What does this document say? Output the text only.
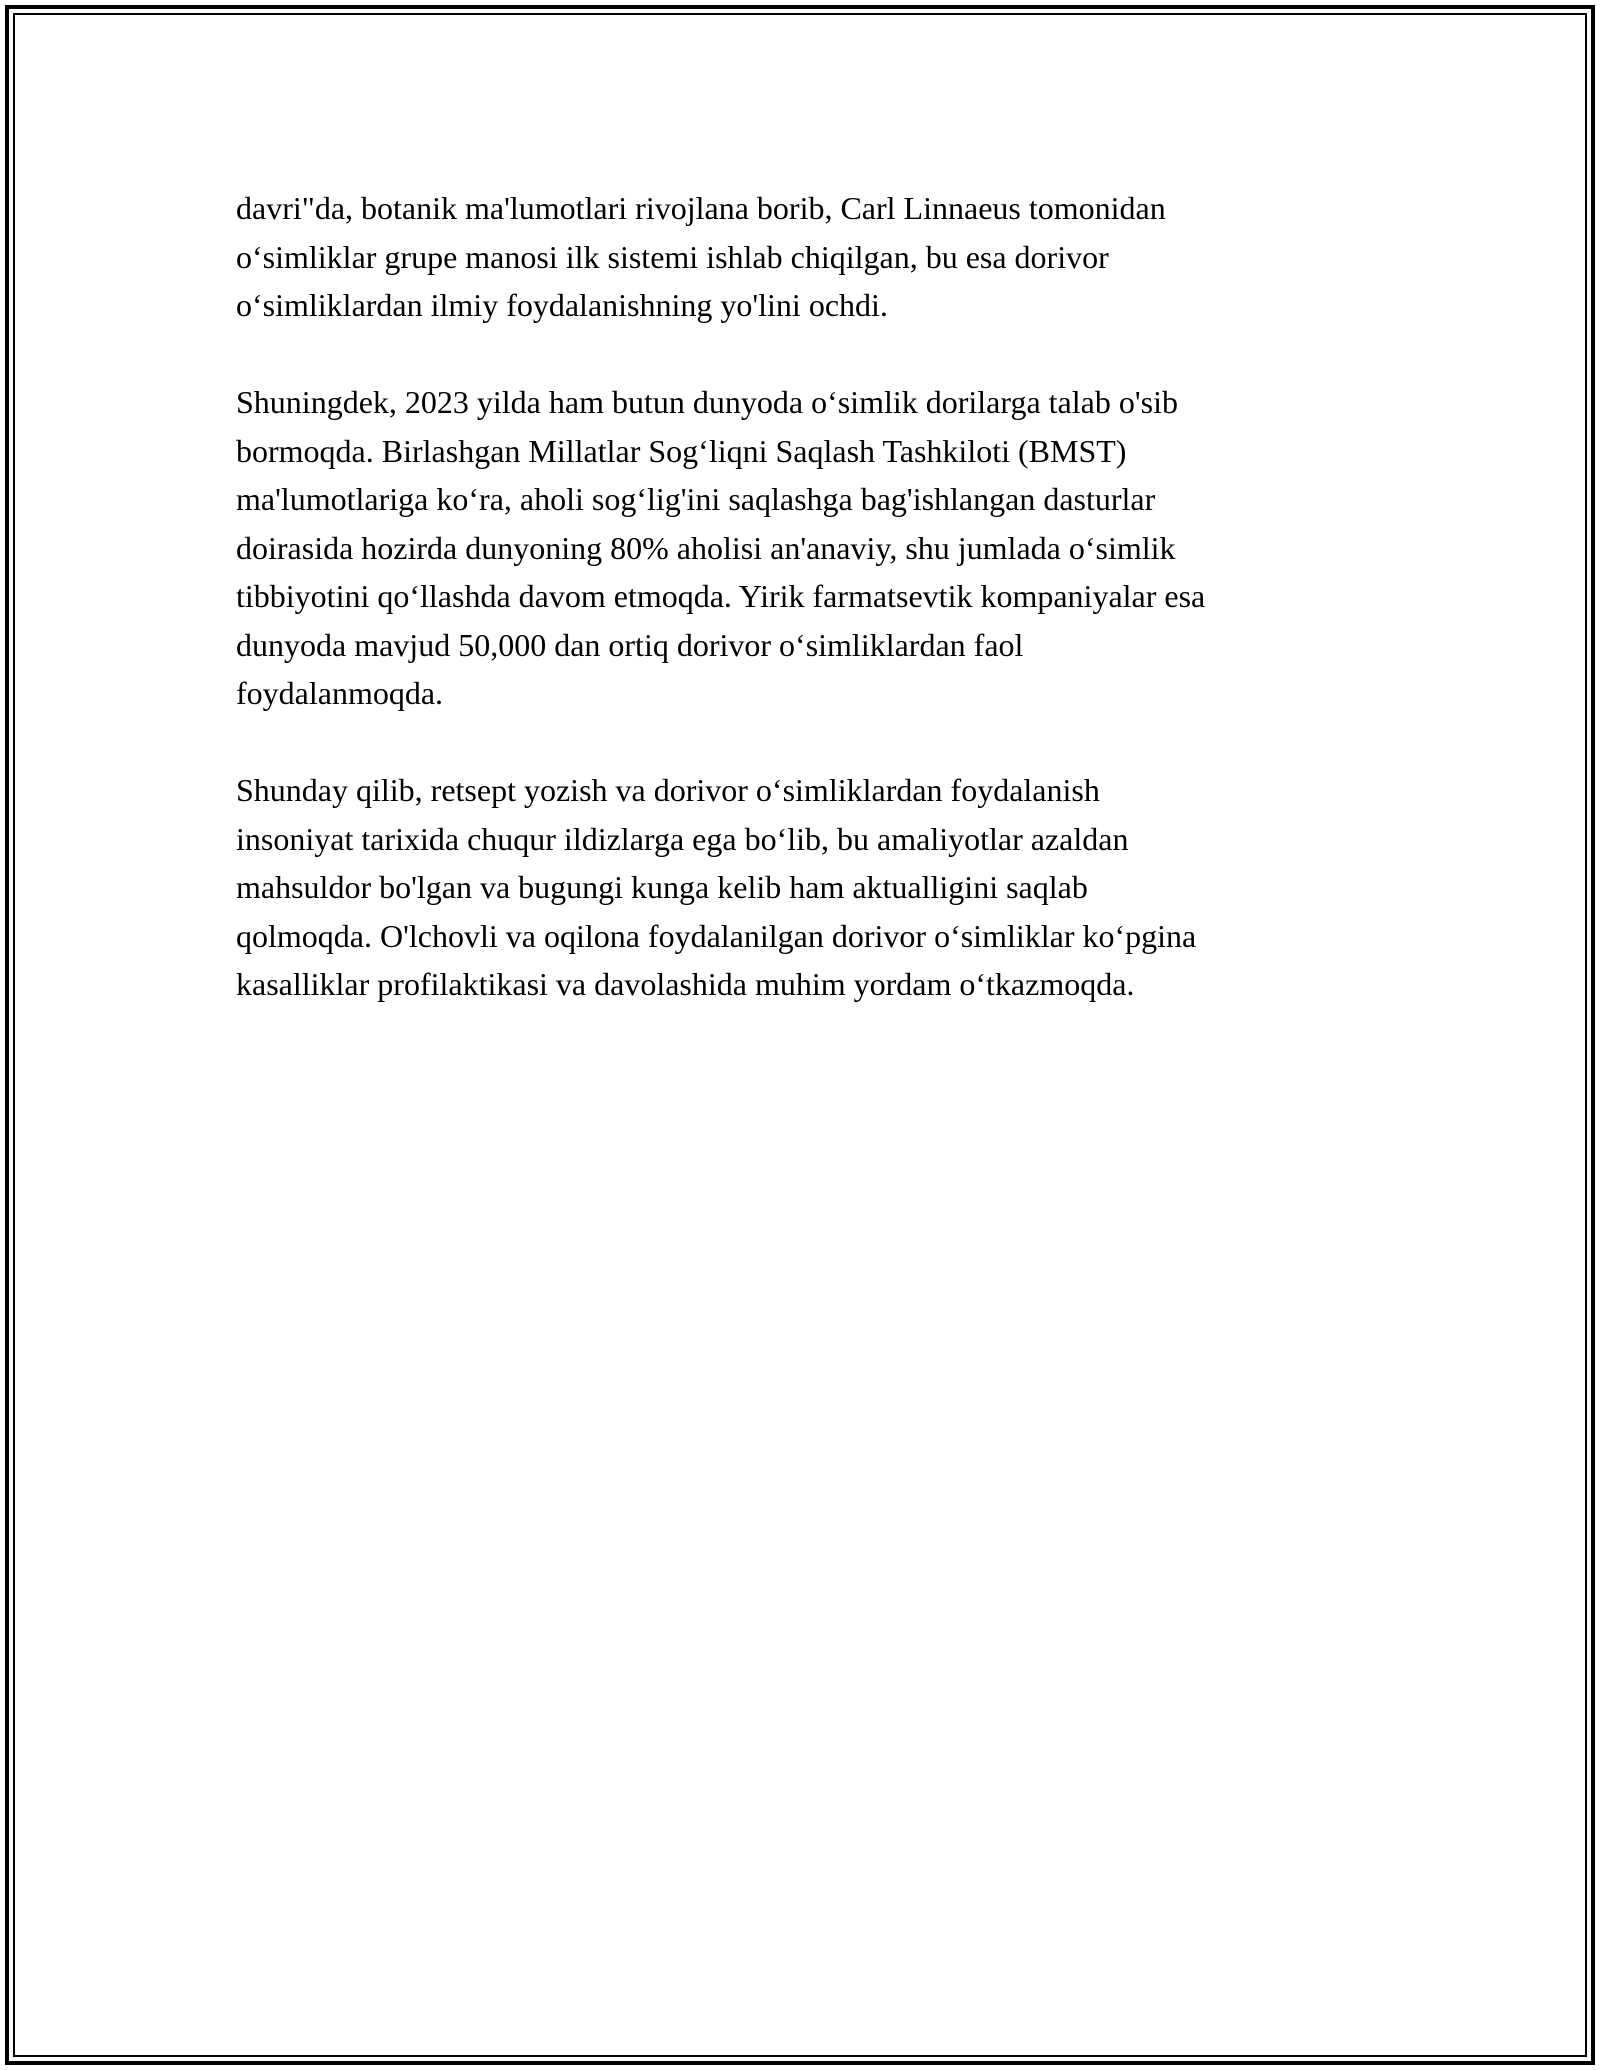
davri"da, botanik ma'lumotlari rivojlana borib, Carl Linnaeus tomonidan
o‘simliklar grupe manosi ilk sistemi ishlab chiqilgan, bu esa dorivor
o‘simliklardan ilmiy foydalanishning yo'lini ochdi.

Shuningdek, 2023 yilda ham butun dunyoda o‘simlik dorilarga talab o'sib
bormoqda. Birlashgan Millatlar Sog‘liqni Saqlash Tashkiloti (BMST)
ma'lumotlariga ko‘ra, aholi sog‘lig'ini saqlashga bag'ishlangan dasturlar
doirasida hozirda dunyoning 80% aholisi an'anaviy, shu jumlada o‘simlik
tibbiyotini qo‘llashda davom etmoqda. Yirik farmatsevtik kompaniyalar esa
dunyoda mavjud 50,000 dan ortiq dorivor o‘simliklardan faol
foydalanmoqda.

Shunday qilib, retsept yozish va dorivor o‘simliklardan foydalanish
insoniyat tarixida chuqur ildizlarga ega bo‘lib, bu amaliyotlar azaldan
mahsuldor bo'lgan va bugungi kunga kelib ham aktualligini saqlab
qolmoqda. O'lchovli va oqilona foydalanilgan dorivor o‘simliklar ko‘pgina
kasalliklar profilaktikasi va davolashida muhim yordam o‘tkazmoqda.
